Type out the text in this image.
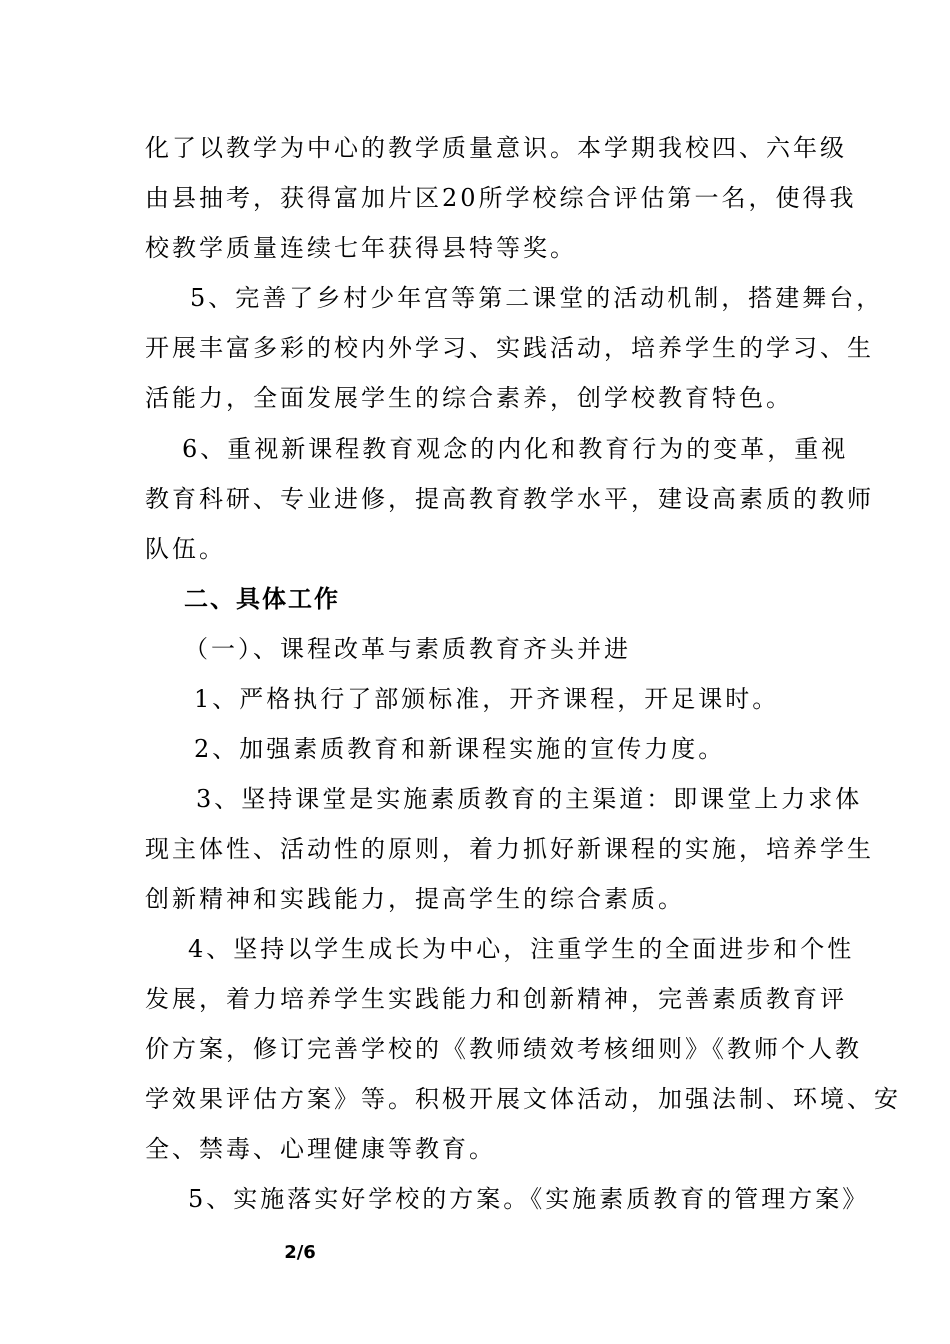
化了以教学为中心的教学质量意识。本学期我校四、六年级
由县抽考，获得富加片区20所学校综合评估第一名，使得我
校教学质量连续七年获得县特等奖。
5、完善了乡村少年宫等第二课堂的活动机制，搭建舞台，
开展丰富多彩的校内外学习、实践活动，培养学生的学习、生
活能力，全面发展学生的综合素养，创学校教育特色。
6、重视新课程教育观念的内化和教育行为的变革，重视
教育科研、专业进修，提高教育教学水平，建设高素质的教师
队伍。
二、具体工作
（一）、课程改革与素质教育齐头并进
1、严格执行了部颁标准，开齐课程，开足课时。
2、加强素质教育和新课程实施的宣传力度。
3、坚持课堂是实施素质教育的主渠道：即课堂上力求体
现主体性、活动性的原则，着力抓好新课程的实施，培养学生
创新精神和实践能力，提高学生的综合素质。
4、坚持以学生成长为中心，注重学生的全面进步和个性
发展，着力培养学生实践能力和创新精神，完善素质教育评
价方案，修订完善学校的《教师绩效考核细则》《教师个人教
学效果评估方案》等。积极开展文体活动，加强法制、环境、安
全、禁毒、心理健康等教育。
5、实施落实好学校的方案。《实施素质教育的管理方案》
2/6
